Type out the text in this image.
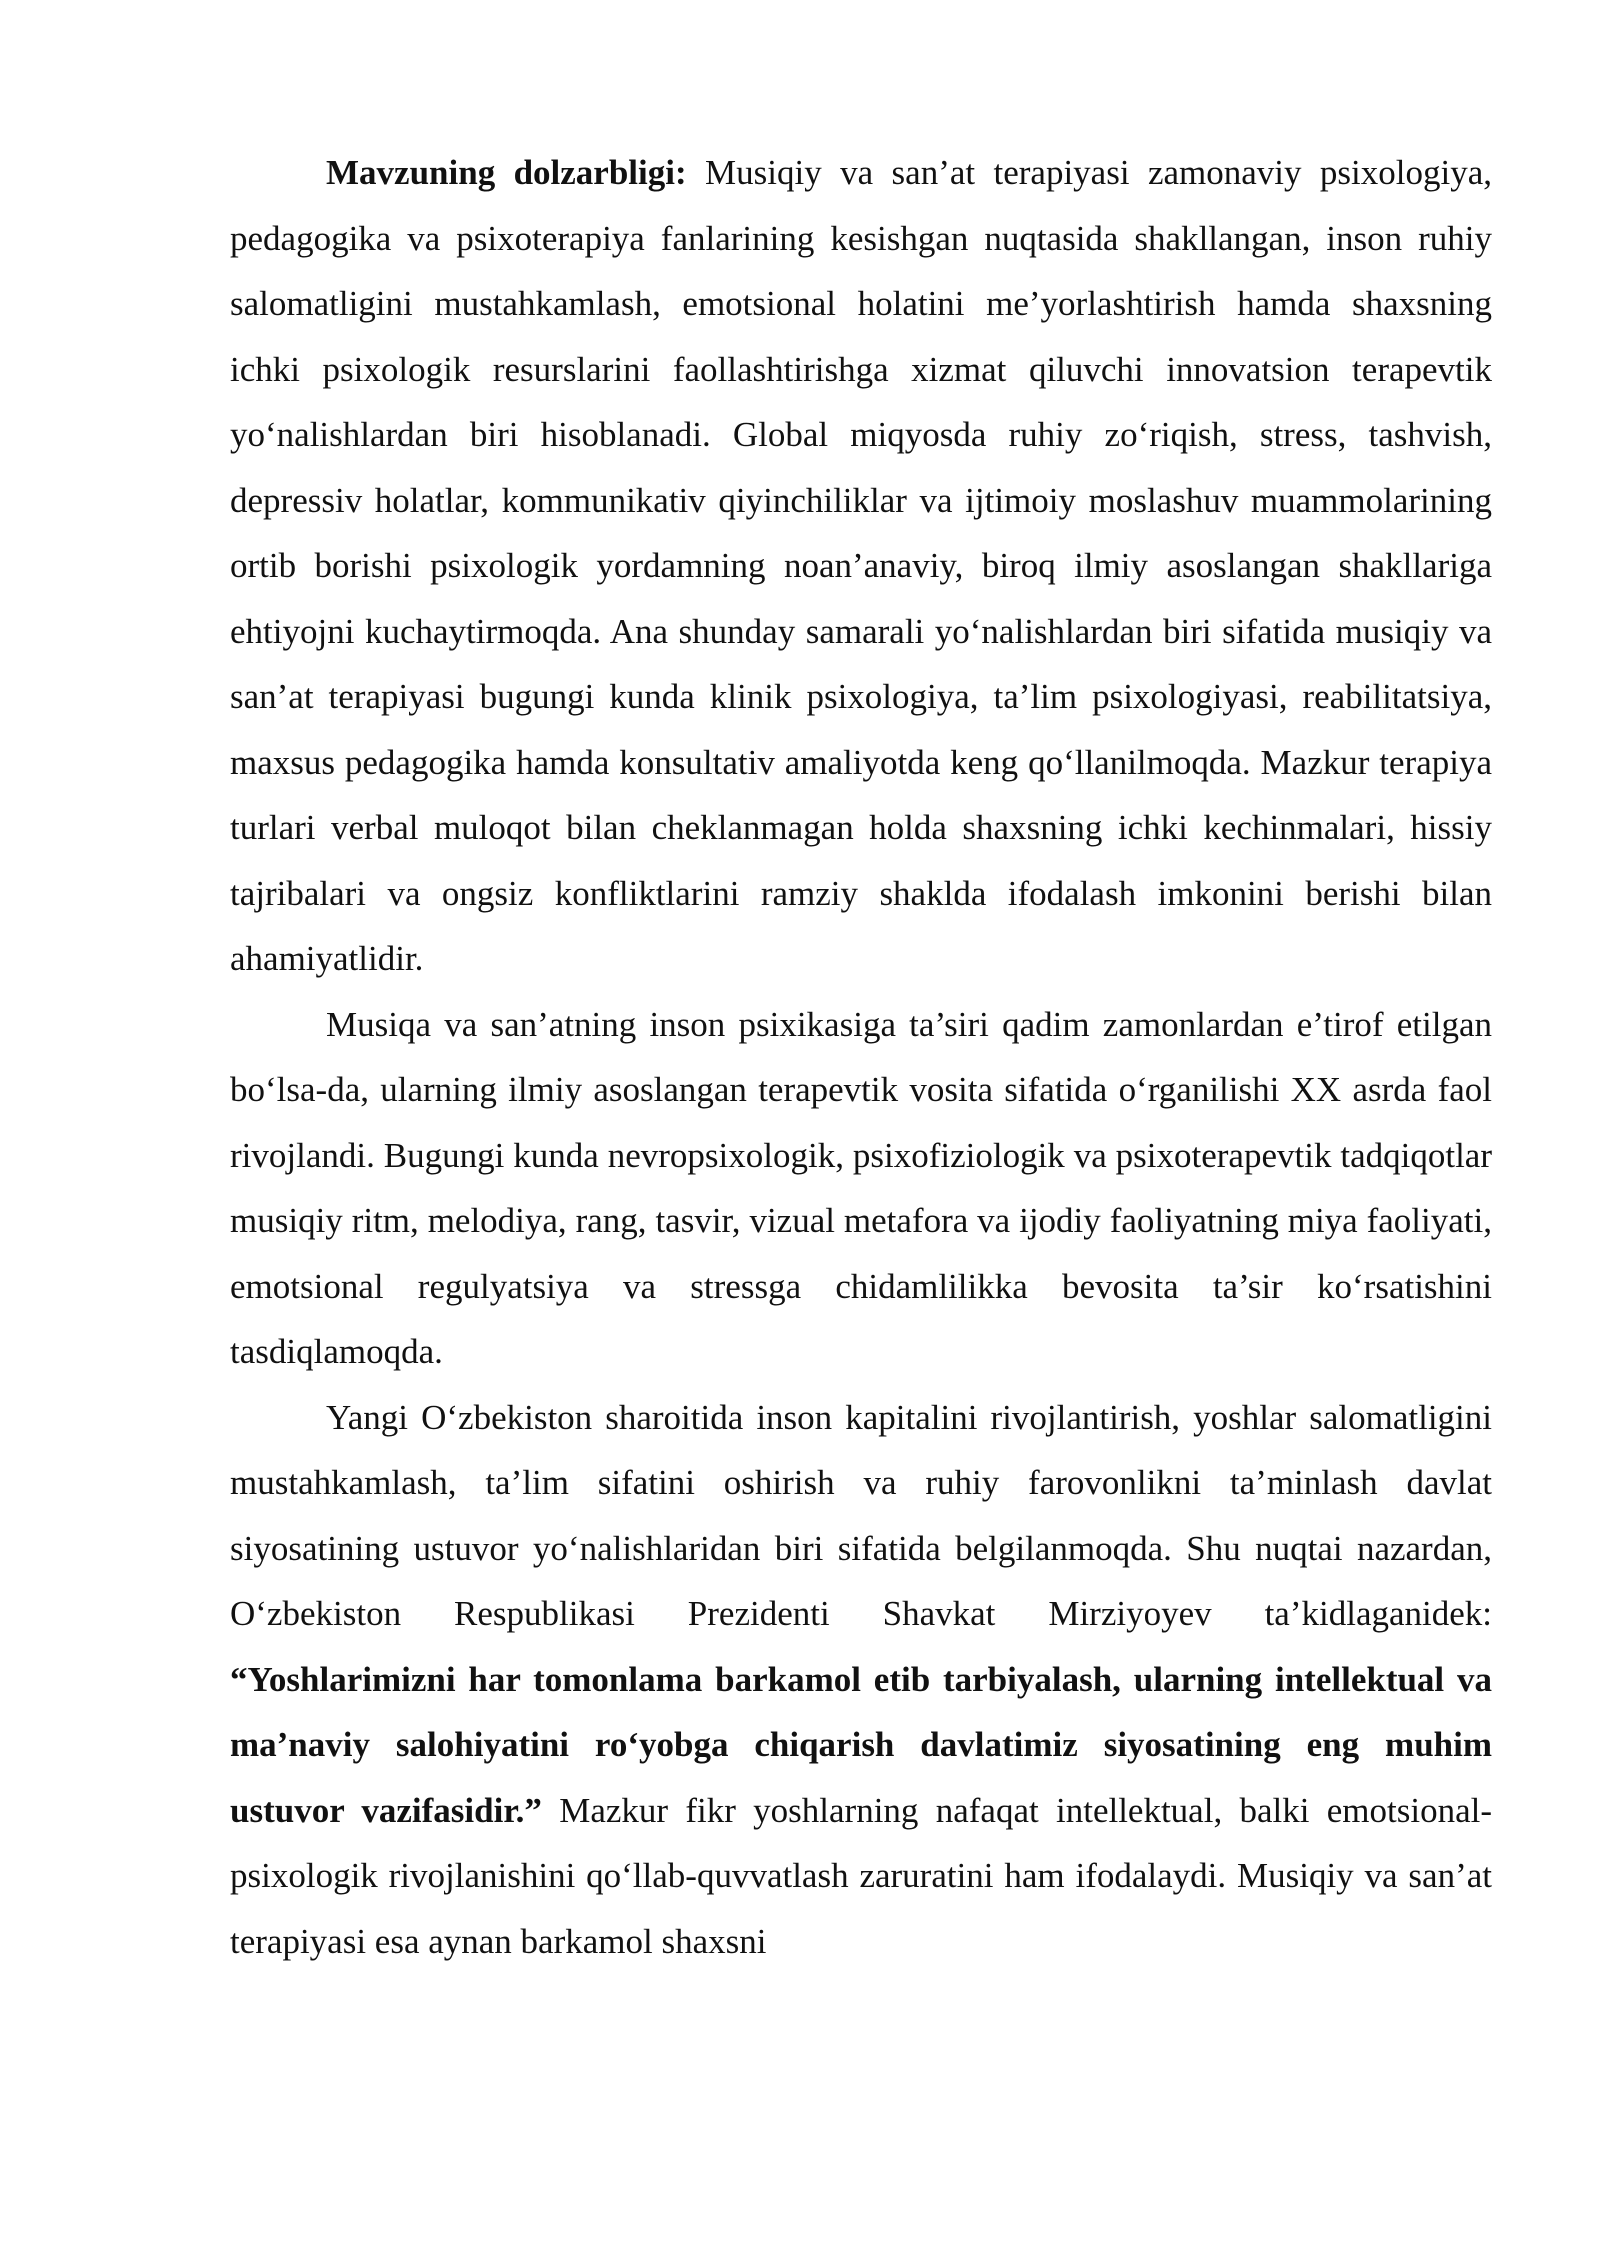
Mavzuning dolzarbligi: Musiqiy va san’at terapiyasi zamonaviy psixologiya, pedagogika va psixoterapiya fanlarining kesishgan nuqtasida shakllangan, inson ruhiy salomatligini mustahkamlash, emotsional holatini me’yorlashtirish hamda shaxsning ichki psixologik resurslarini faollashtirishga xizmat qiluvchi innovatsion terapevtik yo‘nalishlardan biri hisoblanadi. Global miqyosda ruhiy zo‘riqish, stress, tashvish, depressiv holatlar, kommunikativ qiyinchiliklar va ijtimoiy moslashuv muammolarining ortib borishi psixologik yordamning noan’anaviy, biroq ilmiy asoslangan shakllariga ehtiyojni kuchaytirmoqda. Ana shunday samarali yo‘nalishlardan biri sifatida musiqiy va san’at terapiyasi bugungi kunda klinik psixologiya, ta’lim psixologiyasi, reabilitatsiya, maxsus pedagogika hamda konsultativ amaliyotda keng qo‘llanilmoqda. Mazkur terapiya turlari verbal muloqot bilan cheklanmagan holda shaxsning ichki kechinmalari, hissiy tajribalari va ongsiz konfliktlarini ramziy shaklda ifodalash imkonini berishi bilan ahamiyatlidir.

Musiqa va san’atning inson psixikasiga ta’siri qadim zamonlardan e’tirof etilgan bo‘lsa-da, ularning ilmiy asoslangan terapevtik vosita sifatida o‘rganilishi XX asrda faol rivojlandi. Bugungi kunda nevropsixologik, psixofiziologik va psixoterapevtik tadqiqotlar musiqiy ritm, melodiya, rang, tasvir, vizual metafora va ijodiy faoliyatning miya faoliyati, emotsional regulyatsiya va stressga chidamlilikka bevosita ta’sir ko‘rsatishini tasdiqlamoqda.

Yangi O‘zbekiston sharoitida inson kapitalini rivojlantirish, yoshlar salomatligini mustahkamlash, ta’lim sifatini oshirish va ruhiy farovonlikni ta’minlash davlat siyosatining ustuvor yo‘nalishlaridan biri sifatida belgilanmoqda. Shu nuqtai nazardan, O‘zbekiston Respublikasi Prezidenti Shavkat Mirziyoyev ta’kidlaganidek: “Yoshlarimizni har tomonlama barkamol etib tarbiyalash, ularning intellektual va ma’naviy salohiyatini ro‘yobga chiqarish davlatimiz siyosatining eng muhim ustuvor vazifasidir.” Mazkur fikr yoshlarning nafaqat intellektual, balki emotsional-psixologik rivojlanishini qo‘llab-quvvatlash zaruratini ham ifodalaydi. Musiqiy va san’at terapiyasi esa aynan barkamol shaxsni
